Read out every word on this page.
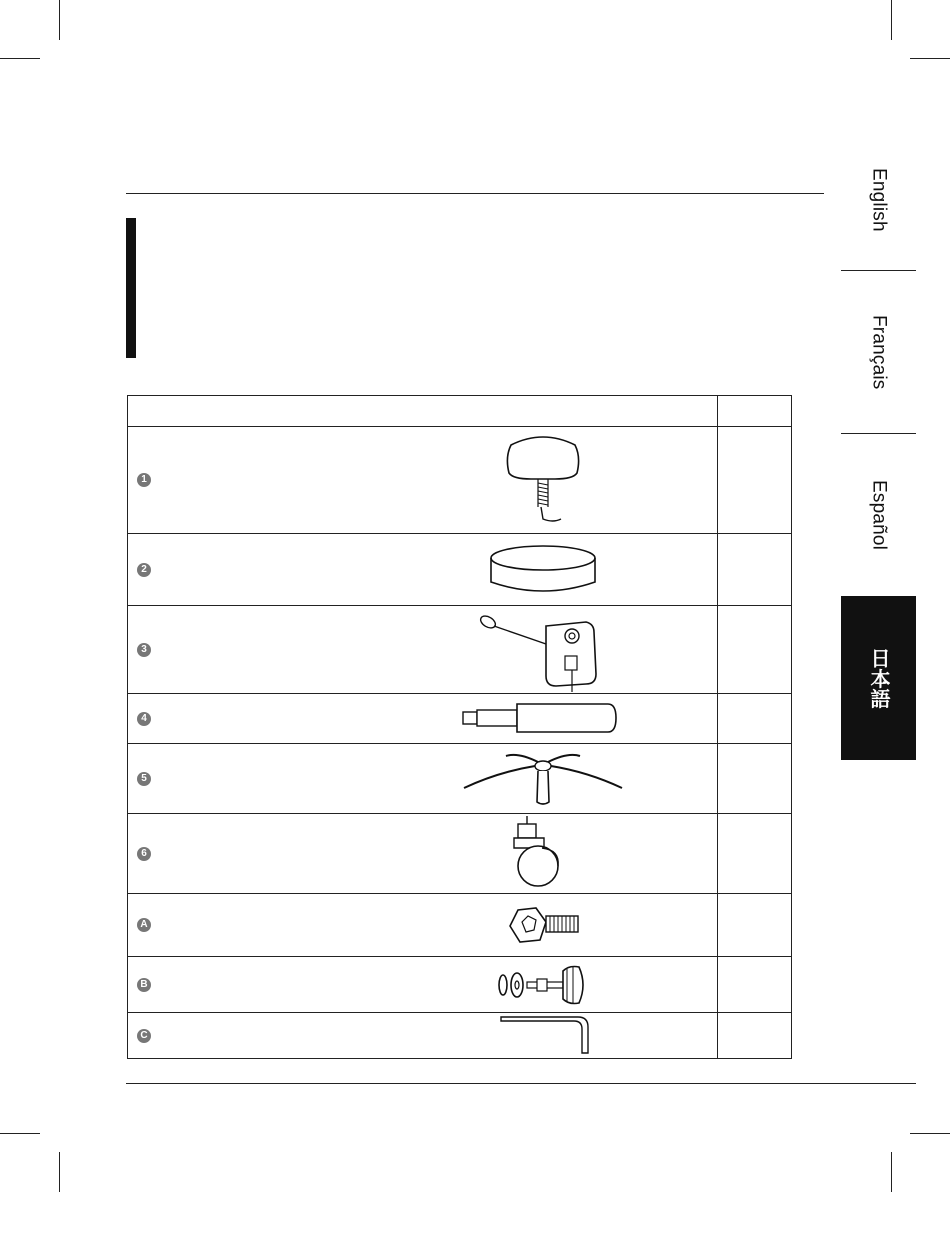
English
Français
Español
日本語

1	

2	

3	

4	

5	

6	

A	

B	

C	
